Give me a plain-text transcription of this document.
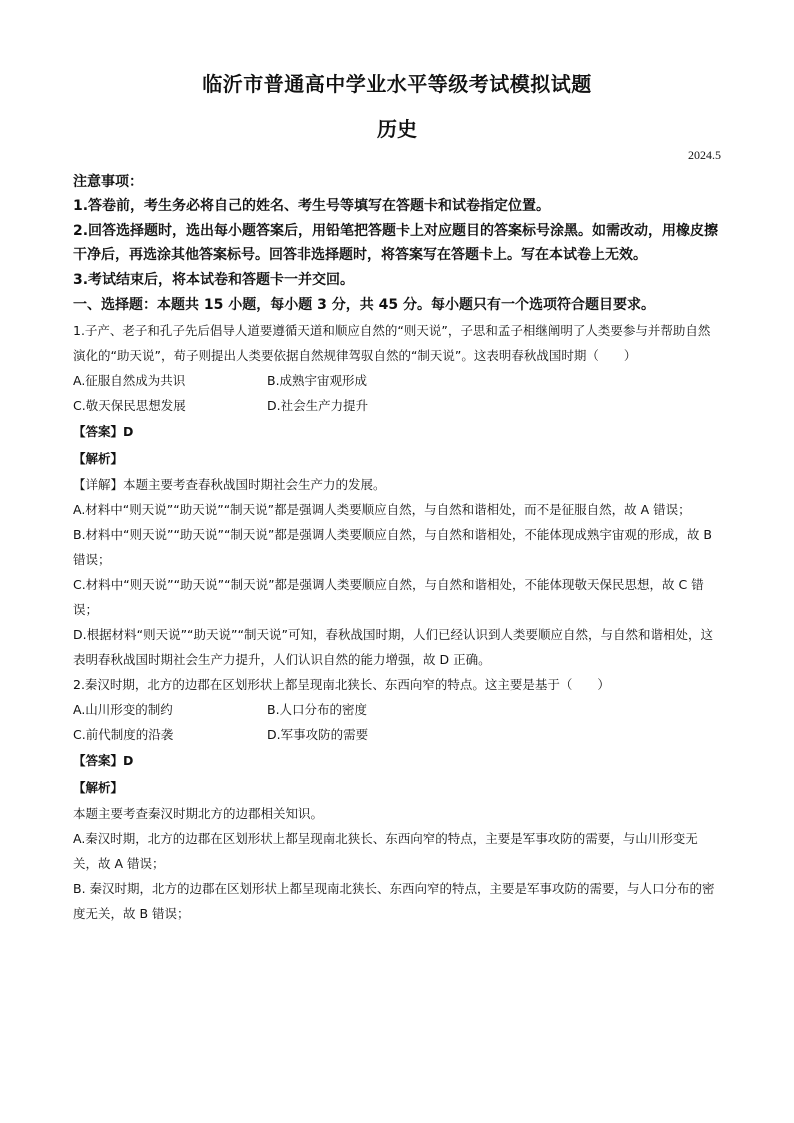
临沂市普通高中学业水平等级考试模拟试题
历史
2024.5
注意事项：

1.答卷前，考生务必将自己的姓名、考生号等填写在答题卡和试卷指定位置。

2.回答选择题时，选出每小题答案后，用铅笔把答题卡上对应题目的答案标号涂黑。如需改动，用橡皮擦干净后，再选涂其他答案标号。回答非选择题时，将答案写在答题卡上。写在本试卷上无效。

3.考试结束后，将本试卷和答题卡一并交回。

一、选择题：本题共 15 小题，每小题 3 分，共 45 分。每小题只有一个选项符合题目要求。

1.子产、老子和孔子先后倡导人道要遵循天道和顺应自然的“则天说”，子思和孟子相继阐明了人类要参与并帮助自然演化的“助天说”，荀子则提出人类要依据自然规律驾驭自然的“制天说”。这表明春秋战国时期（　　）

A.征服自然成为共识	B.成熟宇宙观形成
C.敬天保民思想发展	D.社会生产力提升
【答案】D
【解析】

【详解】本题主要考查春秋战国时期社会生产力的发展。

A.材料中“则天说”“助天说”“制天说”都是强调人类要顺应自然，与自然和谐相处，而不是征服自然，故 A 错误；

B.材料中“则天说”“助天说”“制天说”都是强调人类要顺应自然，与自然和谐相处，不能体现成熟宇宙观的形成，故 B 错误；

C.材料中“则天说”“助天说”“制天说”都是强调人类要顺应自然，与自然和谐相处，不能体现敬天保民思想，故 C 错误；

D.根据材料“则天说”“助天说”“制天说”可知，春秋战国时期，人们已经认识到人类要顺应自然，与自然和谐相处，这表明春秋战国时期社会生产力提升，人们认识自然的能力增强，故 D 正确。

2.秦汉时期，北方的边郡在区划形状上都呈现南北狭长、东西向窄的特点。这主要是基于（　　）

A.山川形变的制约	B.人口分布的密度
C.前代制度的沿袭	D.军事攻防的需要
【答案】D
【解析】

本题主要考查秦汉时期北方的边郡相关知识。

A.秦汉时期，北方的边郡在区划形状上都呈现南北狭长、东西向窄的特点，主要是军事攻防的需要，与山川形变无关，故 A 错误；

B. 秦汉时期，北方的边郡在区划形状上都呈现南北狭长、东西向窄的特点，主要是军事攻防的需要，与人口分布的密度无关，故 B 错误；
